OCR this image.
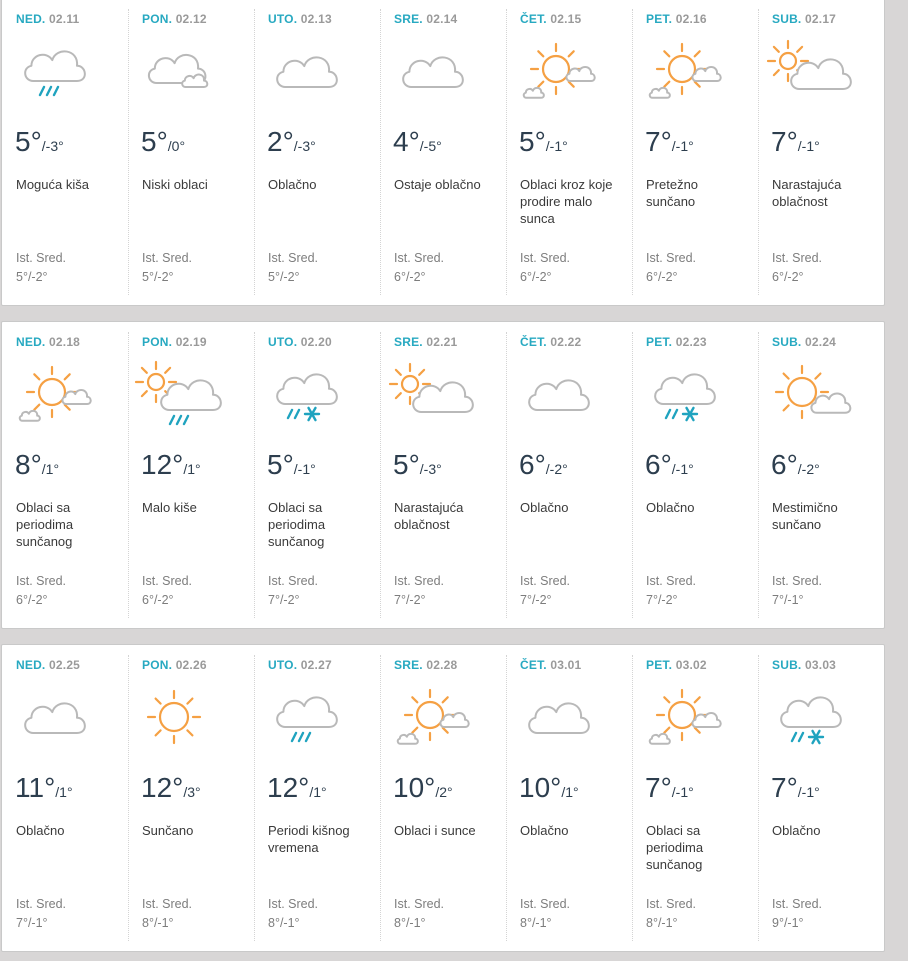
NED. 02.11
5°/-3°
Moguća kiša
Ist. Sred.
5°/-2°
PON. 02.12
5°/0°
Niski oblaci
Ist. Sred.
5°/-2°
UTO. 02.13
2°/-3°
Oblačno
Ist. Sred.
5°/-2°
SRE. 02.14
4°/-5°
Ostaje oblačno
Ist. Sred.
6°/-2°
ČET. 02.15
5°/-1°
Oblaci kroz koje prodire malo sunca
Ist. Sred.
6°/-2°
PET. 02.16
7°/-1°
Pretežno sunčano
Ist. Sred.
6°/-2°
SUB. 02.17
7°/-1°
Narastajuća oblačnost
Ist. Sred.
6°/-2°
NED. 02.18
8°/1°
Oblaci sa periodima sunčanog
Ist. Sred.
6°/-2°
PON. 02.19
12°/1°
Malo kiše
Ist. Sred.
6°/-2°
UTO. 02.20
5°/-1°
Oblaci sa periodima sunčanog
Ist. Sred.
7°/-2°
SRE. 02.21
5°/-3°
Narastajuća oblačnost
Ist. Sred.
7°/-2°
ČET. 02.22
6°/-2°
Oblačno
Ist. Sred.
7°/-2°
PET. 02.23
6°/-1°
Oblačno
Ist. Sred.
7°/-2°
SUB. 02.24
6°/-2°
Mestimično sunčano
Ist. Sred.
7°/-1°
NED. 02.25
11°/1°
Oblačno
Ist. Sred.
7°/-1°
PON. 02.26
12°/3°
Sunčano
Ist. Sred.
8°/-1°
UTO. 02.27
12°/1°
Periodi kišnog vremena
Ist. Sred.
8°/-1°
SRE. 02.28
10°/2°
Oblaci i sunce
Ist. Sred.
8°/-1°
ČET. 03.01
10°/1°
Oblačno
Ist. Sred.
8°/-1°
PET. 03.02
7°/-1°
Oblaci sa periodima sunčanog
Ist. Sred.
8°/-1°
SUB. 03.03
7°/-1°
Oblačno
Ist. Sred.
9°/-1°
